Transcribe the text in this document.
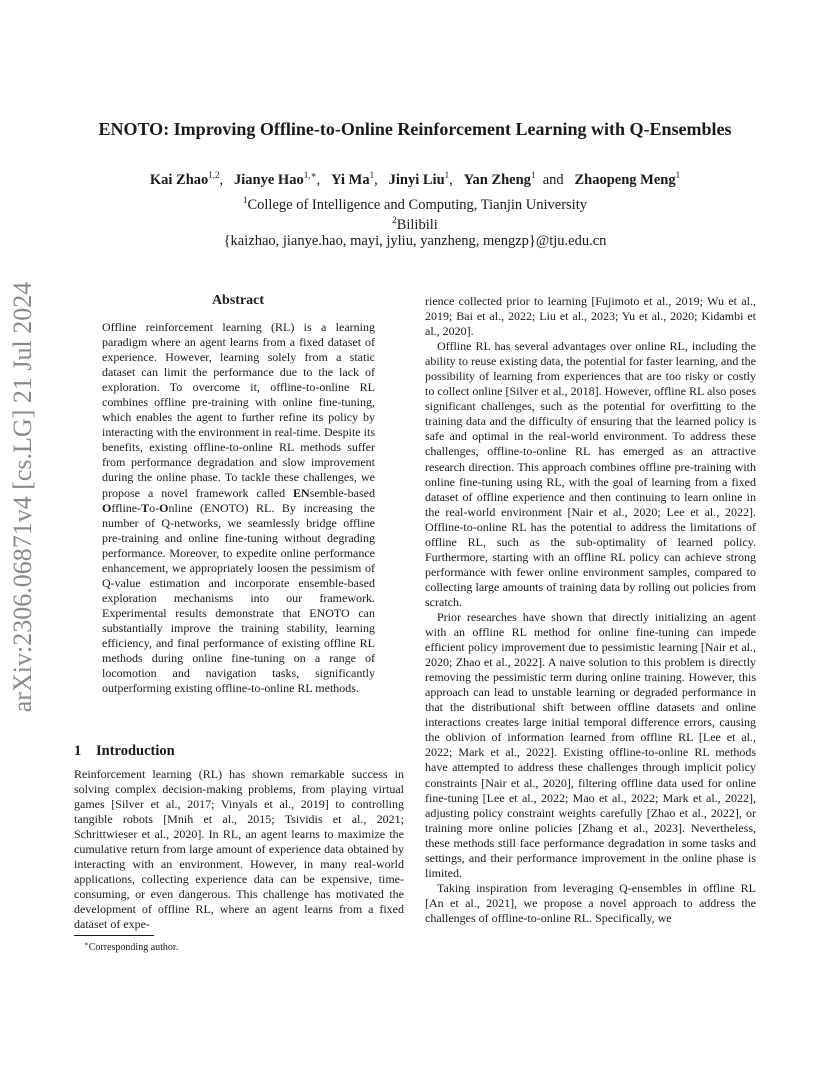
arXiv:2306.06871v4 [cs.LG] 21 Jul 2024
ENOTO: Improving Offline-to-Online Reinforcement Learning with Q-Ensembles
Kai Zhao$^{1,2}$,   Jianye Hao$^{1,∗}$,   Yi Ma$^1$,   Jinyi Liu$^1$,   Yan Zheng$^1$  and   Zhaopeng Meng$^1$
$^1$College of Intelligence and Computing, Tianjin University
$^2$Bilibili
{kaizhao, jianye.hao, mayi, jyliu, yanzheng, mengzp}@tju.edu.cn
Abstract

Offline reinforcement learning (RL) is a learning paradigm where an agent learns from a fixed dataset of experience. However, learning solely from a static dataset can limit the performance due to the lack of exploration. To overcome it, offline-to-online RL combines offline pre-training with online fine-tuning, which enables the agent to further refine its policy by interacting with the environment in real-time. Despite its benefits, existing offline-to-online RL methods suffer from performance degradation and slow improvement during the online phase. To tackle these challenges, we propose a novel framework called ENsemble-based Offline-To-Online (ENOTO) RL. By increasing the number of Q-networks, we seamlessly bridge offline pre-training and online fine-tuning without degrading performance. Moreover, to expedite online performance enhancement, we appropriately loosen the pessimism of Q-value estimation and incorporate ensemble-based exploration mechanisms into our framework. Experimental results demonstrate that ENOTO can substantially improve the training stability, learning efficiency, and final performance of existing offline RL methods during online fine-tuning on a range of locomotion and navigation tasks, significantly outperforming existing offline-to-online RL methods.

1 Introduction

Reinforcement learning (RL) has shown remarkable success in solving complex decision-making problems, from playing virtual games [Silver et al., 2017; Vinyals et al., 2019] to controlling tangible robots [Mnih et al., 2015; Tsividis et al., 2021; Schrittwieser et al., 2020]. In RL, an agent learns to maximize the cumulative return from large amount of experience data obtained by interacting with an environment. However, in many real-world applications, collecting experience data can be expensive, time-consuming, or even dangerous. This challenge has motivated the development of offline RL, where an agent learns from a fixed dataset of expe-

∗Corresponding author.

rience collected prior to learning [Fujimoto et al., 2019; Wu et al., 2019; Bai et al., 2022; Liu et al., 2023; Yu et al., 2020; Kidambi et al., 2020].

Offline RL has several advantages over online RL, including the ability to reuse existing data, the potential for faster learning, and the possibility of learning from experiences that are too risky or costly to collect online [Silver et al., 2018]. However, offline RL also poses significant challenges, such as the potential for overfitting to the training data and the difficulty of ensuring that the learned policy is safe and optimal in the real-world environment. To address these challenges, offline-to-online RL has emerged as an attractive research direction. This approach combines offline pre-training with online fine-tuning using RL, with the goal of learning from a fixed dataset of offline experience and then continuing to learn online in the real-world environment [Nair et al., 2020; Lee et al., 2022]. Offline-to-online RL has the potential to address the limitations of offline RL, such as the sub-optimality of learned policy. Furthermore, starting with an offline RL policy can achieve strong performance with fewer online environment samples, compared to collecting large amounts of training data by rolling out policies from scratch.

Prior researches have shown that directly initializing an agent with an offline RL method for online fine-tuning can impede efficient policy improvement due to pessimistic learning [Nair et al., 2020; Zhao et al., 2022]. A naive solution to this problem is directly removing the pessimistic term during online training. However, this approach can lead to unstable learning or degraded performance in that the distributional shift between offline datasets and online interactions creates large initial temporal difference errors, causing the oblivion of information learned from offline RL [Lee et al., 2022; Mark et al., 2022]. Existing offline-to-online RL methods have attempted to address these challenges through implicit policy constraints [Nair et al., 2020], filtering offline data used for online fine-tuning [Lee et al., 2022; Mao et al., 2022; Mark et al., 2022], adjusting policy constraint weights carefully [Zhao et al., 2022], or training more online policies [Zhang et al., 2023]. Nevertheless, these methods still face performance degradation in some tasks and settings, and their performance improvement in the online phase is limited.

Taking inspiration from leveraging Q-ensembles in offline RL [An et al., 2021], we propose a novel approach to address the challenges of offline-to-online RL. Specifically, we
